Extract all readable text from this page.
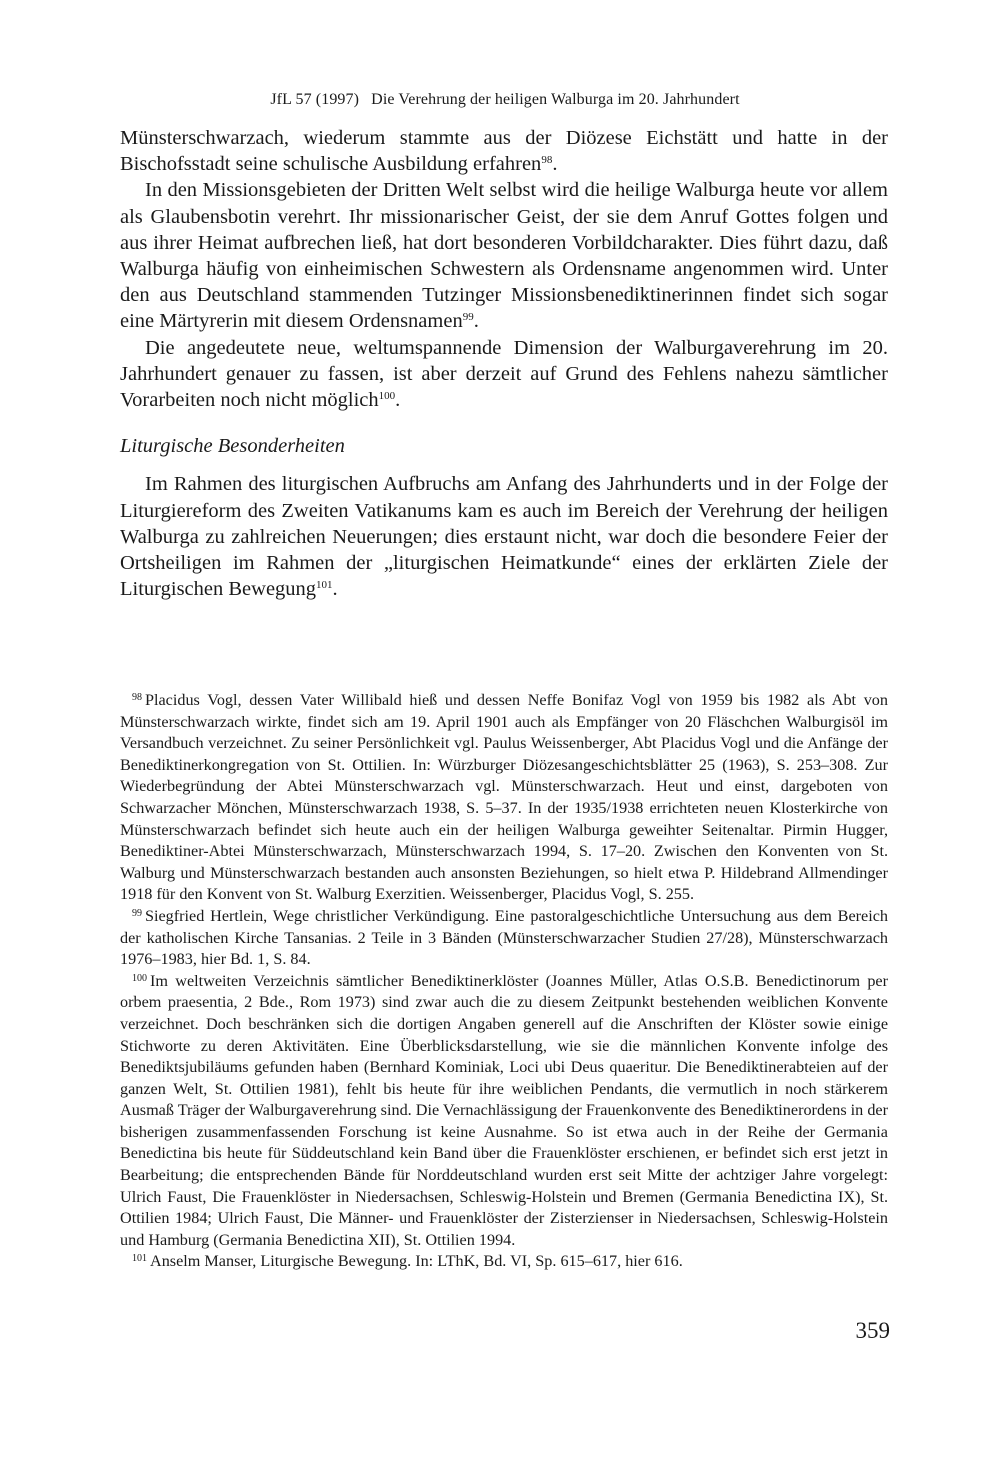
JfL 57 (1997) Die Verehrung der heiligen Walburga im 20. Jahrhundert

Münsterschwarzach, wiederum stammte aus der Diözese Eichstätt und hatte in der Bischofsstadt seine schulische Ausbildung erfahren$^{98}$.

In den Missionsgebieten der Dritten Welt selbst wird die heilige Walburga heute vor allem als Glaubensbotin verehrt. Ihr missionarischer Geist, der sie dem Anruf Gottes folgen und aus ihrer Heimat aufbrechen ließ, hat dort besonderen Vorbildcharakter. Dies führt dazu, daß Walburga häufig von einheimischen Schwestern als Ordensname angenommen wird. Unter den aus Deutschland stammenden Tutzinger Missionsbenediktinerinnen findet sich sogar eine Märtyrerin mit diesem Ordensnamen$^{99}$.

Die angedeutete neue, weltumspannende Dimension der Walburgaverehrung im 20. Jahrhundert genauer zu fassen, ist aber derzeit auf Grund des Fehlens nahezu sämtlicher Vorarbeiten noch nicht möglich$^{100}$.

Liturgische Besonderheiten

Im Rahmen des liturgischen Aufbruchs am Anfang des Jahrhunderts und in der Folge der Liturgiereform des Zweiten Vatikanums kam es auch im Bereich der Verehrung der heiligen Walburga zu zahlreichen Neuerungen; dies erstaunt nicht, war doch die besondere Feier der Ortsheiligen im Rahmen der „liturgischen Heimatkunde“ eines der erklärten Ziele der Liturgischen Bewegung$^{101}$.

$^{98}$ Placidus Vogl, dessen Vater Willibald hieß und dessen Neffe Bonifaz Vogl von 1959 bis 1982 als Abt von Münsterschwarzach wirkte, findet sich am 19. April 1901 auch als Empfänger von 20 Fläschchen Walburgisöl im Versandbuch verzeichnet. Zu seiner Persönlichkeit vgl. Paulus Weissenberger, Abt Placidus Vogl und die Anfänge der Benediktinerkongregation von St. Ottilien. In: Würzburger Diözesangeschichtsblätter 25 (1963), S. 253–308. Zur Wiederbegründung der Abtei Münsterschwarzach vgl. Münsterschwarzach. Heut und einst, dargeboten von Schwarzacher Mönchen, Münsterschwarzach 1938, S. 5–37. In der 1935/1938 errichteten neuen Klosterkirche von Münsterschwarzach befindet sich heute auch ein der heiligen Walburga geweihter Seitenaltar. Pirmin Hugger, Benediktiner-Abtei Münsterschwarzach, Münsterschwarzach 1994, S. 17–20. Zwischen den Konventen von St. Walburg und Münsterschwarzach bestanden auch ansonsten Beziehungen, so hielt etwa P. Hildebrand Allmendinger 1918 für den Konvent von St. Walburg Exerzitien. Weissenberger, Placidus Vogl, S. 255.

$^{99}$ Siegfried Hertlein, Wege christlicher Verkündigung. Eine pastoralgeschichtliche Untersuchung aus dem Bereich der katholischen Kirche Tansanias. 2 Teile in 3 Bänden (Münsterschwarzacher Studien 27/28), Münsterschwarzach 1976–1983, hier Bd. 1, S. 84.

$^{100}$ Im weltweiten Verzeichnis sämtlicher Benediktinerklöster (Joannes Müller, Atlas O.S.B. Benedictinorum per orbem praesentia, 2 Bde., Rom 1973) sind zwar auch die zu diesem Zeitpunkt bestehenden weiblichen Konvente verzeichnet. Doch beschränken sich die dortigen Angaben generell auf die Anschriften der Klöster sowie einige Stichworte zu deren Aktivitäten. Eine Überblicksdarstellung, wie sie die männlichen Konvente infolge des Benediktsjubiläums gefunden haben (Bernhard Kominiak, Loci ubi Deus quaeritur. Die Benediktinerabteien auf der ganzen Welt, St. Ottilien 1981), fehlt bis heute für ihre weiblichen Pendants, die vermutlich in noch stärkerem Ausmaß Träger der Walburgaverehrung sind. Die Vernachlässigung der Frauenkonvente des Benediktinerordens in der bisherigen zusammenfassenden Forschung ist keine Ausnahme. So ist etwa auch in der Reihe der Germania Benedictina bis heute für Süddeutschland kein Band über die Frauenklöster erschienen, er befindet sich erst jetzt in Bearbeitung; die entsprechenden Bände für Norddeutschland wurden erst seit Mitte der achtziger Jahre vorgelegt: Ulrich Faust, Die Frauenklöster in Niedersachsen, Schleswig-Holstein und Bremen (Germania Benedictina IX), St. Ottilien 1984; Ulrich Faust, Die Männer- und Frauenklöster der Zisterzienser in Niedersachsen, Schleswig-Holstein und Hamburg (Germania Benedictina XII), St. Ottilien 1994.

$^{101}$ Anselm Manser, Liturgische Bewegung. In: LThK, Bd. VI, Sp. 615–617, hier 616.

359
